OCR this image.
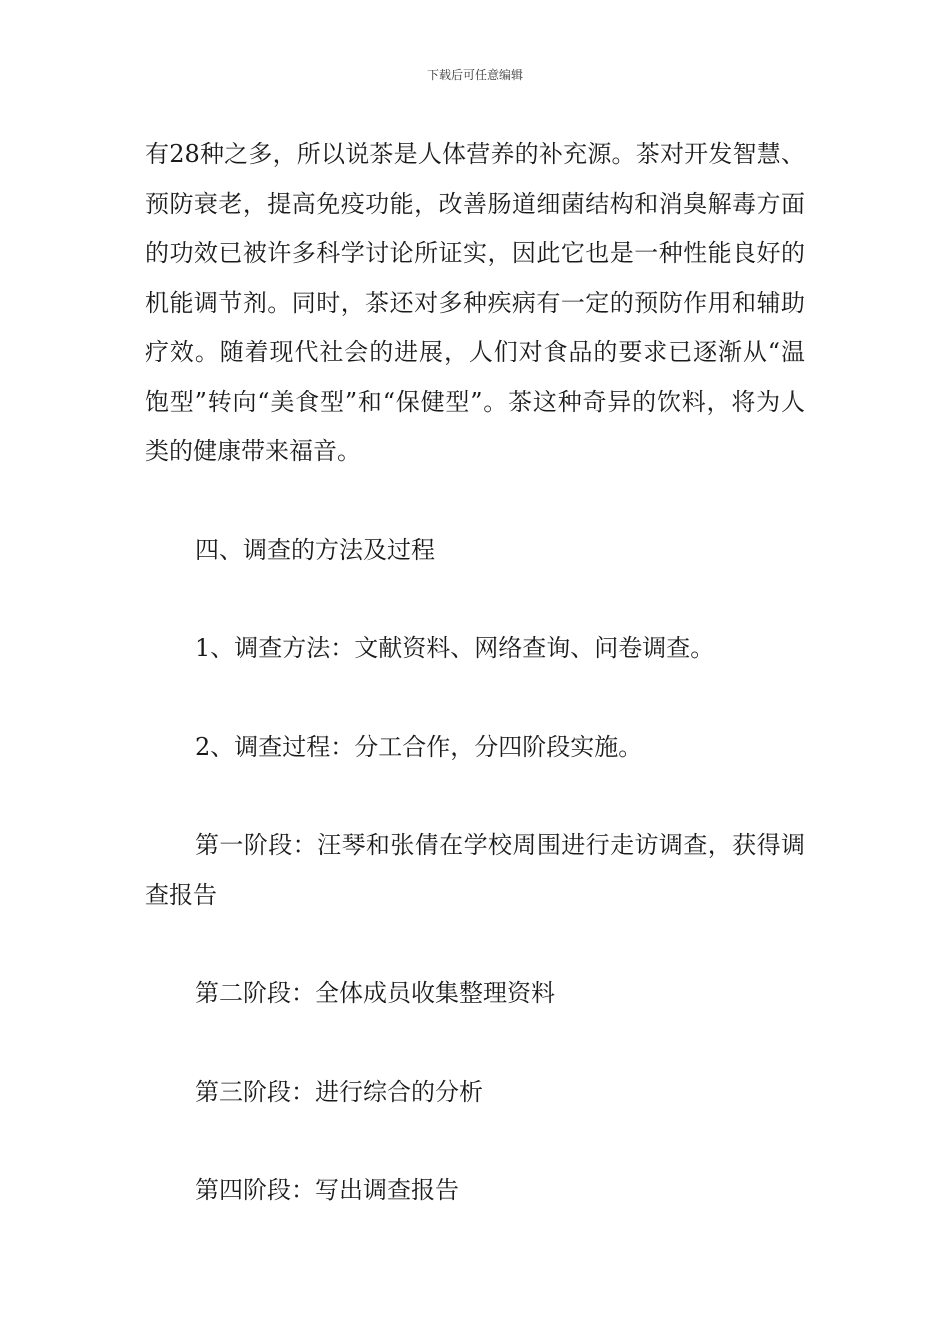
下载后可任意编辑

有28种之多，所以说茶是人体营养的补充源。茶对开发智慧、预防衰老，提高免疫功能，改善肠道细菌结构和消臭解毒方面的功效已被许多科学讨论所证实，因此它也是一种性能良好的机能调节剂。同时，茶还对多种疾病有一定的预防作用和辅助疗效。随着现代社会的进展，人们对食品的要求已逐渐从“温饱型”转向“美食型”和“保健型”。茶这种奇异的饮料，将为人类的健康带来福音。

四、调查的方法及过程

1、调查方法：文献资料、网络查询、问卷调查。

2、调查过程：分工合作，分四阶段实施。

第一阶段：汪琴和张倩在学校周围进行走访调查，获得调查报告

第二阶段：全体成员收集整理资料

第三阶段：进行综合的分析

第四阶段：写出调查报告
